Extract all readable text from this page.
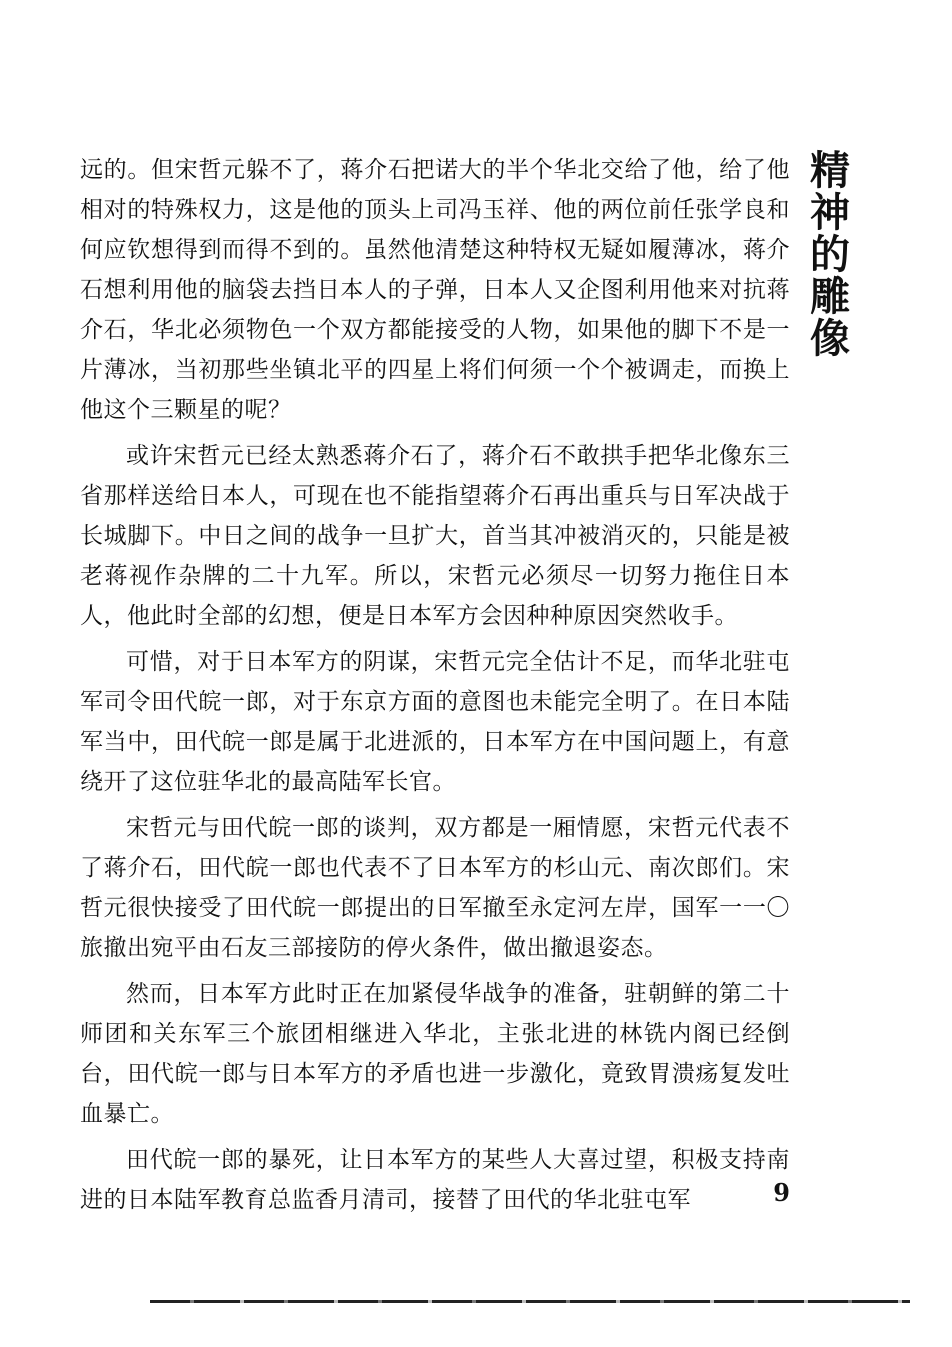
远的。但宋哲元躲不了，蒋介石把诺大的半个华北交给了他，给了他相对的特殊权力，这是他的顶头上司冯玉祥、他的两位前任张学良和何应钦想得到而得不到的。虽然他清楚这种特权无疑如履薄冰，蒋介石想利用他的脑袋去挡日本人的子弹，日本人又企图利用他来对抗蒋介石，华北必须物色一个双方都能接受的人物，如果他的脚下不是一片薄冰，当初那些坐镇北平的四星上将们何须一个个被调走，而换上他这个三颗星的呢？

或许宋哲元已经太熟悉蒋介石了，蒋介石不敢拱手把华北像东三省那样送给日本人，可现在也不能指望蒋介石再出重兵与日军决战于长城脚下。中日之间的战争一旦扩大，首当其冲被消灭的，只能是被老蒋视作杂牌的二十九军。所以，宋哲元必须尽一切努力拖住日本人，他此时全部的幻想，便是日本军方会因种种原因突然收手。

可惜，对于日本军方的阴谋，宋哲元完全估计不足，而华北驻屯军司令田代皖一郎，对于东京方面的意图也未能完全明了。在日本陆军当中，田代皖一郎是属于北进派的，日本军方在中国问题上，有意绕开了这位驻华北的最高陆军长官。

宋哲元与田代皖一郎的谈判，双方都是一厢情愿，宋哲元代表不了蒋介石，田代皖一郎也代表不了日本军方的杉山元、南次郎们。宋哲元很快接受了田代皖一郎提出的日军撤至永定河左岸，国军一一〇旅撤出宛平由石友三部接防的停火条件，做出撤退姿态。

然而，日本军方此时正在加紧侵华战争的准备，驻朝鲜的第二十师团和关东军三个旅团相继进入华北，主张北进的林铣内阁已经倒台，田代皖一郎与日本军方的矛盾也进一步激化，竟致胃溃疡复发吐血暴亡。

田代皖一郎的暴死，让日本军方的某些人大喜过望，积极支持南进的日本陆军教育总监香月清司，接替了田代的华北驻屯军

精神的雕像
9
